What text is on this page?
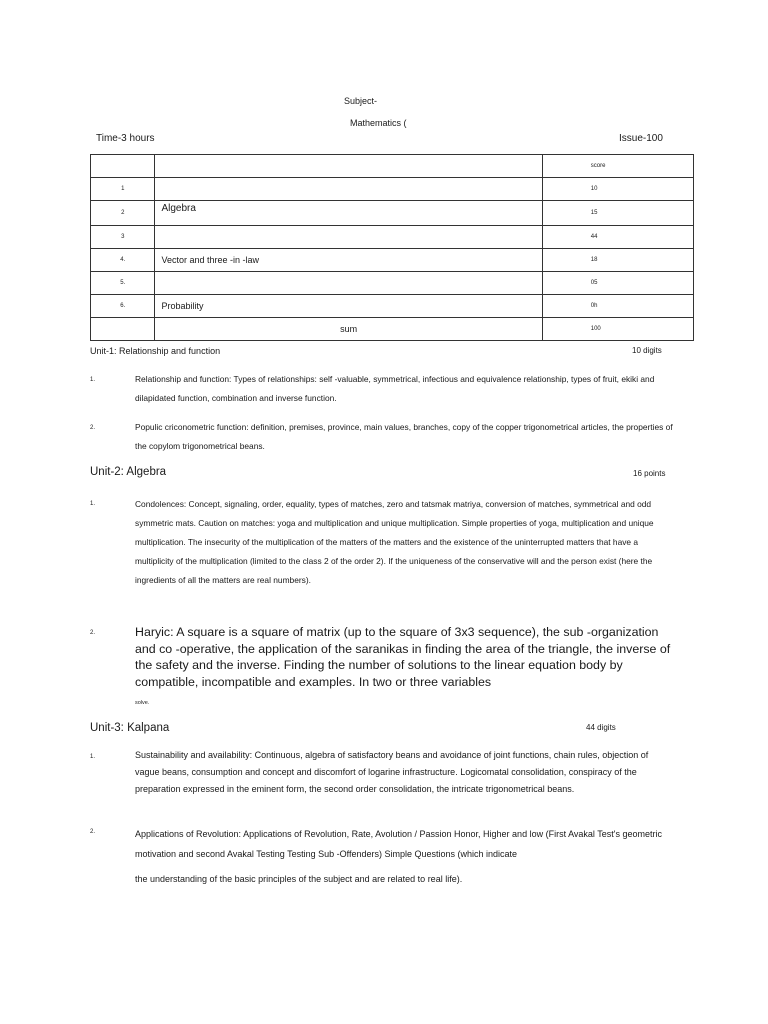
Subject-
Mathematics (
Time-3 hours	Issue-100
		score
1		10
2	Algebra	15
3		44
4.	Vector and three -in -law	18
5.		05
6.	Probability	0h
	sum	100
Unit-1: Relationship and function	10 digits
1.	Relationship and function: Types of relationships: self -valuable, symmetrical, infectious and equivalence relationship, types of fruit, ekiki and dilapidated function, combination and inverse function.
2.	Populic criconometric function: definition, premises, province, main values, branches, copy of the copper trigonometrical articles, the properties of the copylom trigonometrical beans.
Unit-2: Algebra	16 points
1.	Condolences: Concept, signaling, order, equality, types of matches, zero and tatsmak matriya, conversion of matches, symmetrical and odd symmetric mats. Caution on matches: yoga and multiplication and unique multiplication. Simple properties of yoga, multiplication and unique multiplication. The insecurity of the multiplication of the matters of the matters and the existence of the uninterrupted matters that have a multiplicity of the multiplication (limited to the class 2 of the order 2). If the uniqueness of the conservative will and the person exist (here the ingredients of all the matters are real numbers).
2.	Haryic: A square is a square of matrix (up to the square of 3x3 sequence), the sub -organization and co -operative, the application of the saranikas in finding the area of the triangle, the inverse of the safety and the inverse. Finding the number of solutions to the linear equation body by compatible, incompatible and examples. In two or three variables
solve.
Unit-3: Kalpana	44 digits
1.	Sustainability and availability: Continuous, algebra of satisfactory beans and avoidance of joint functions, chain rules, objection of vague beans, consumption and concept and discomfort of logarine infrastructure. Logicomatal consolidation, conspiracy of the preparation expressed in the eminent form, the second order consolidation, the intricate trigonometrical beans.
2.	Applications of Revolution: Applications of Revolution, Rate, Avolution / Passion Honor, Higher and low (First Avakal Test's geometric motivation and second Avakal Testing Testing Sub -Offenders) Simple Questions (which indicate
the understanding of the basic principles of the subject and are related to real life).
